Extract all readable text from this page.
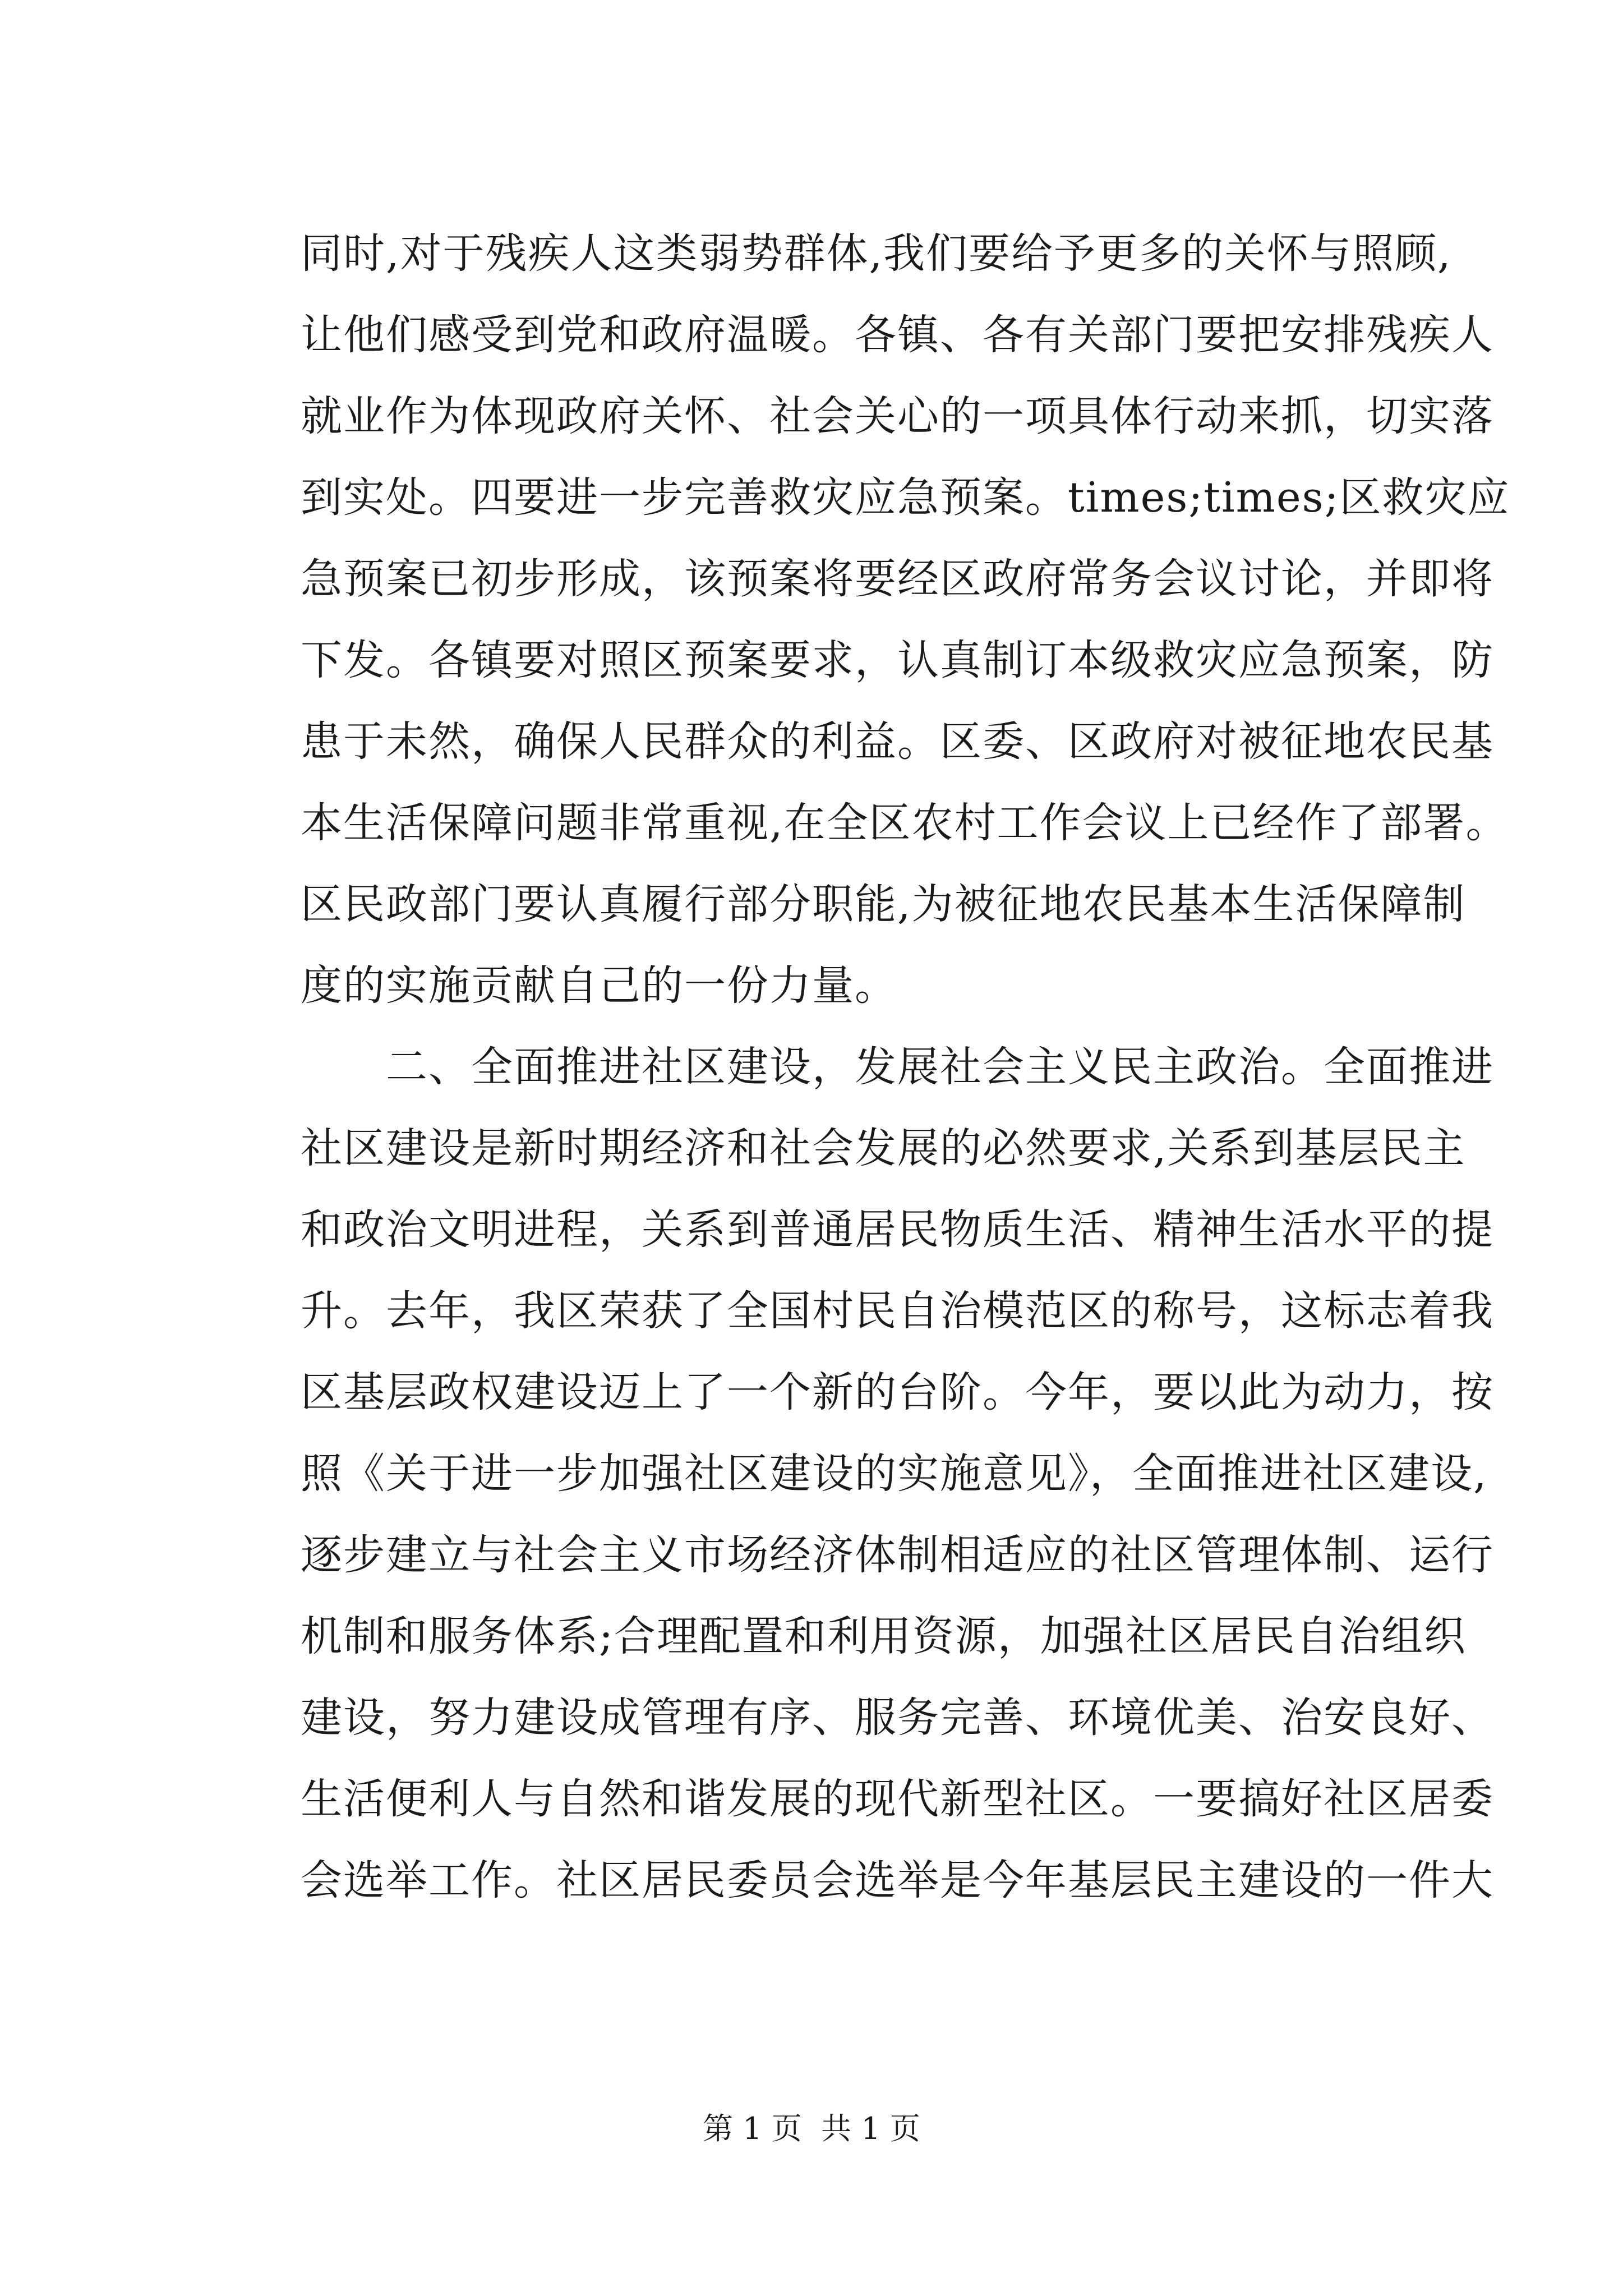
同时,对于残疾人这类弱势群体,我们要给予更多的关怀与照顾,
让他们感受到党和政府温暖。各镇、各有关部门要把安排残疾人
就业作为体现政府关怀、社会关心的一项具体行动来抓，切实落
到实处。四要进一步完善救灾应急预案。times;times;区救灾应
急预案已初步形成，该预案将要经区政府常务会议讨论，并即将
下发。各镇要对照区预案要求，认真制订本级救灾应急预案，防
患于未然，确保人民群众的利益。区委、区政府对被征地农民基
本生活保障问题非常重视,在全区农村工作会议上已经作了部署。
区民政部门要认真履行部分职能,为被征地农民基本生活保障制
度的实施贡献自己的一份力量。
　　二、全面推进社区建设，发展社会主义民主政治。全面推进
社区建设是新时期经济和社会发展的必然要求,关系到基层民主
和政治文明进程，关系到普通居民物质生活、精神生活水平的提
升。去年，我区荣获了全国村民自治模范区的称号，这标志着我
区基层政权建设迈上了一个新的台阶。今年，要以此为动力，按
照《关于进一步加强社区建设的实施意见》，全面推进社区建设,
逐步建立与社会主义市场经济体制相适应的社区管理体制、运行
机制和服务体系;合理配置和利用资源，加强社区居民自治组织
建设，努力建设成管理有序、服务完善、环境优美、治安良好、
生活便利人与自然和谐发展的现代新型社区。一要搞好社区居委
会选举工作。社区居民委员会选举是今年基层民主建设的一件大
第 1 页  共 1 页
